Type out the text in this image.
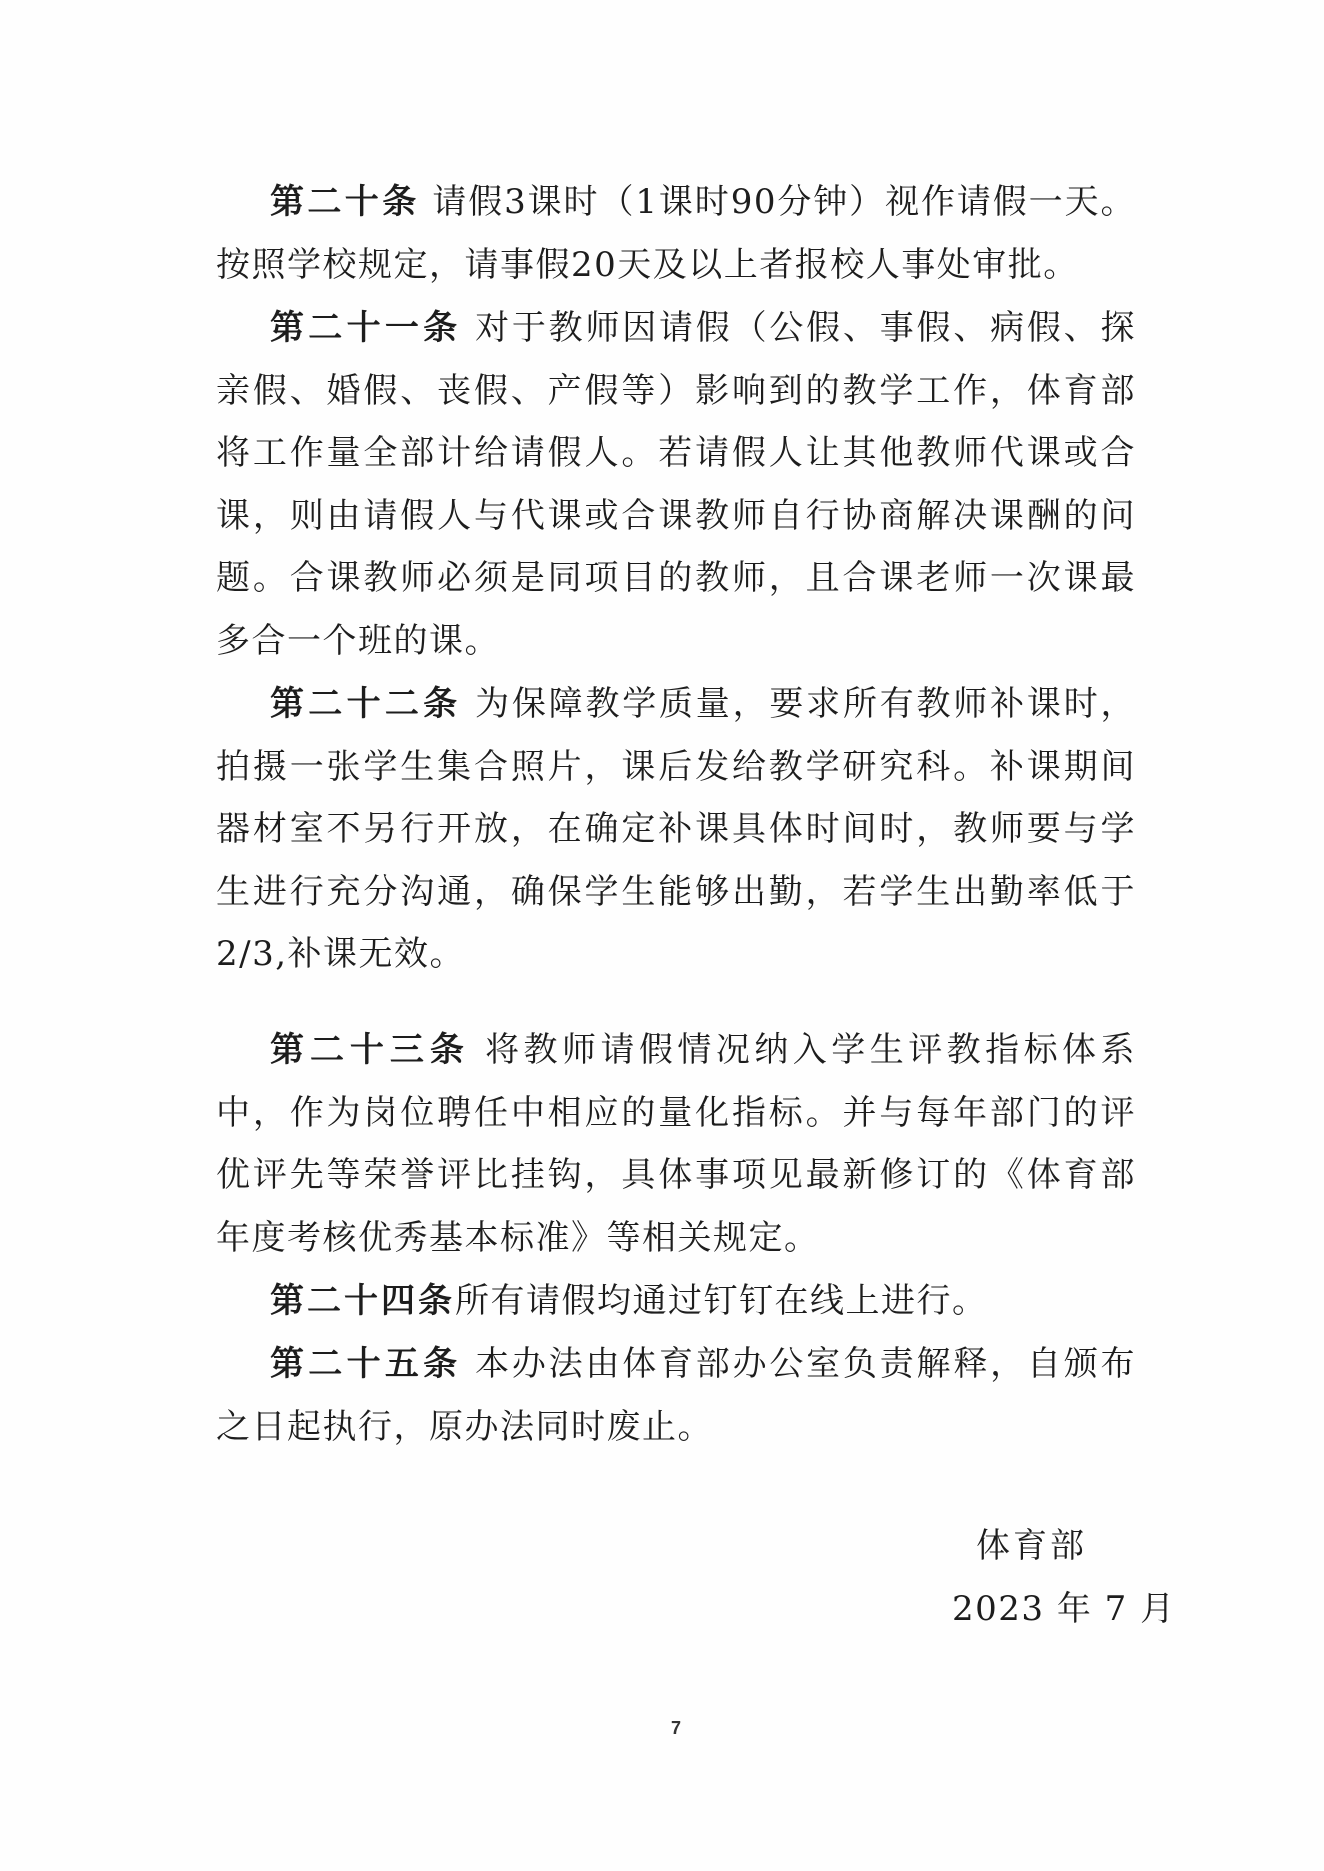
第二十条 请假3课时（1课时90分钟）视作请假一天。按照学校规定，请事假20天及以上者报校人事处审批。

第二十一条 对于教师因请假（公假、事假、病假、探亲假、婚假、丧假、产假等）影响到的教学工作，体育部将工作量全部计给请假人。若请假人让其他教师代课或合课，则由请假人与代课或合课教师自行协商解决课酬的问题。合课教师必须是同项目的教师，且合课老师一次课最多合一个班的课。

第二十二条 为保障教学质量，要求所有教师补课时，拍摄一张学生集合照片，课后发给教学研究科。补课期间器材室不另行开放，在确定补课具体时间时，教师要与学生进行充分沟通，确保学生能够出勤，若学生出勤率低于2/3,补课无效。

第二十三条 将教师请假情况纳入学生评教指标体系中，作为岗位聘任中相应的量化指标。并与每年部门的评优评先等荣誉评比挂钩，具体事项见最新修订的《体育部年度考核优秀基本标准》等相关规定。

第二十四条所有请假均通过钉钉在线上进行。

第二十五条 本办法由体育部办公室负责解释，自颁布之日起执行，原办法同时废止。

体育部
2023 年 7 月
7
